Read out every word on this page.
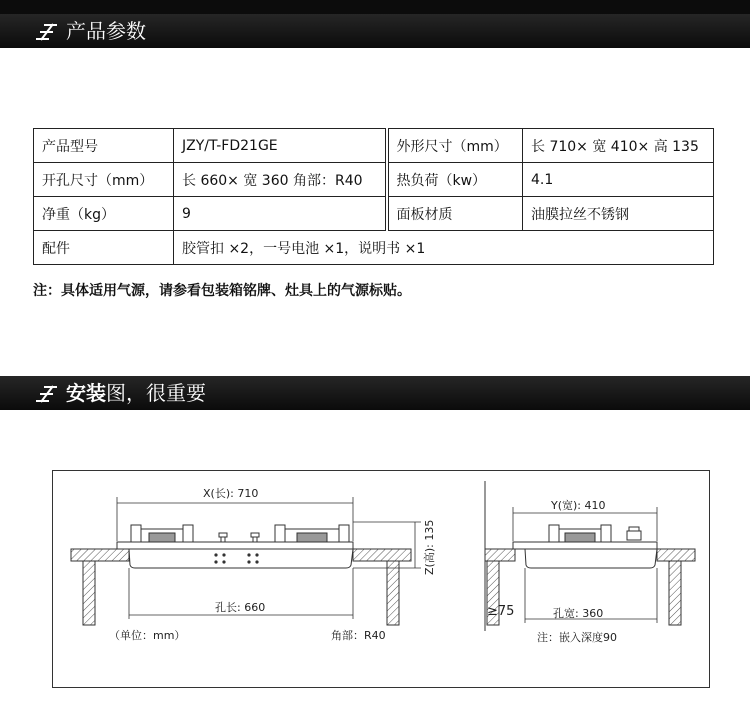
产品参数
产品型号	JZY/T-FD21GE	外形尺寸（mm）	长 710× 宽 410× 高 135
开孔尺寸（mm）	长 660× 宽 360 角部：R40	热负荷（kw）	4.1
净重（kg）	9	面板材质	油膜拉丝不锈钢
配件	胶管扣 ×2，一号电池 ×1，说明书 ×1		
注：具体适用气源，请参看包装箱铭牌、灶具上的气源标贴。
安装图，很重要
X(长): 710
Z(高): 135
孔长: 660
（单位：mm）	角部：R40
Y(宽): 410
孔宽: 360
≥75
注：嵌入深度90
